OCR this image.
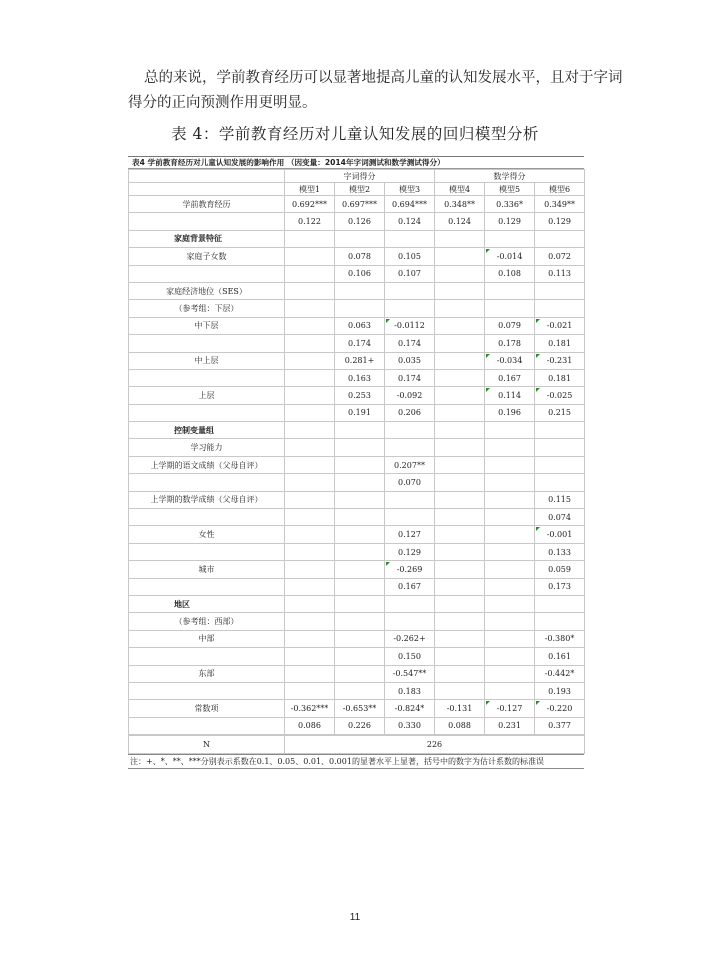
总的来说，学前教育经历可以显著地提高儿童的认知发展水平，且对于字词
得分的正向预测作用更明显。
表 4：学前教育经历对儿童认知发展的回归模型分析
表4 学前教育经历对儿童认知发展的影响作用 （因变量：2014年字词测试和数学测试得分）
	字词得分			数学得分		
	模型1	模型2	模型3	模型4	模型5	模型6
学前教育经历	0.692***	0.697***	0.694***	0.348**	0.336*	0.349**
	0.122	0.126	0.124	0.124	0.129	0.129
家庭背景特征						
家庭子女数		0.078	0.105		-0.014	0.072
		0.106	0.107		0.108	0.113
家庭经济地位（SES）						
（参考组：下层）						
中下层		0.063	-0.0112		0.079	-0.021
		0.174	0.174		0.178	0.181
中上层		0.281+	0.035		-0.034	-0.231
		0.163	0.174		0.167	0.181
上层		0.253	-0.092		0.114	-0.025
		0.191	0.206		0.196	0.215
控制变量组						
学习能力						
上学期的语文成绩（父母自评）			0.207**			
			0.070			
上学期的数学成绩（父母自评）						0.115
						0.074
女性			0.127			-0.001
			0.129			0.133
城市			-0.269			0.059
			0.167			0.173
地区						
（参考组：西部）						
中部			-0.262+			-0.380*
			0.150			0.161
东部			-0.547**			-0.442*
			0.183			0.193
常数项	-0.362***	-0.653**	-0.824*	-0.131	-0.127	-0.220
	0.086	0.226	0.330	0.088	0.231	0.377
N	226
注：+、*、**、***分别表示系数在0.1、0.05、0.01、0.001的显著水平上显著，括号中的数字为估计系数的标准误
11
